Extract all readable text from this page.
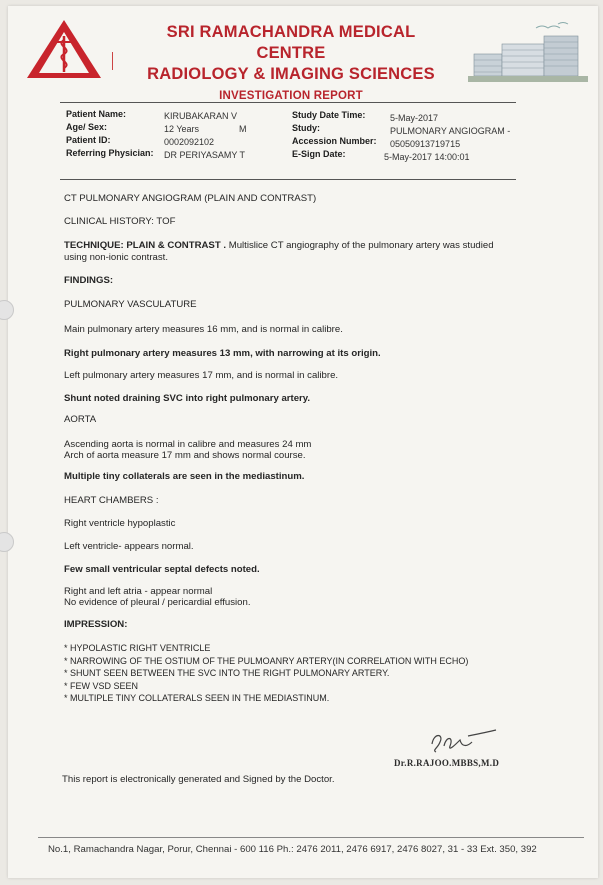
SRI RAMACHANDRA MEDICAL CENTRE
RADIOLOGY & IMAGING SCIENCES
INVESTIGATION REPORT
Patient Name:
Age/ Sex:
Patient ID:
Referring Physician:
KIRUBAKARAN V
12 Years	M
0002092102
DR PERIYASAMY T
Study Date Time:
Study:
Accession Number:
E-Sign Date:
5-May-2017
PULMONARY ANGIOGRAM -
05050913719715
5-May-2017 14:00:01

CT PULMONARY ANGIOGRAM (PLAIN AND CONTRAST)

CLINICAL HISTORY: TOF

TECHNIQUE: PLAIN & CONTRAST . Multislice CT angiography of the pulmonary artery was studied

using non-ionic contrast.

FINDINGS:

PULMONARY VASCULATURE

Main pulmonary artery measures 16 mm, and is normal in calibre.

Right pulmonary artery measures 13 mm, with narrowing at its origin.

Left pulmonary artery measures 17 mm, and is normal in calibre.

Shunt noted draining SVC into right pulmonary artery.

AORTA

Ascending aorta is normal in calibre and measures 24 mm

Arch of aorta measure 17 mm and shows normal course.

Multiple tiny collaterals are seen in the mediastinum.

HEART CHAMBERS :

Right ventricle hypoplastic

Left ventricle- appears normal.

Few small ventricular septal defects noted.

Right and left atria - appear normal

No evidence of pleural / pericardial effusion.

IMPRESSION:

* HYPOLASTIC RIGHT VENTRICLE
* NARROWING OF THE OSTIUM OF THE PULMOANRY ARTERY(IN CORRELATION WITH ECHO)
* SHUNT SEEN BETWEEN THE SVC INTO THE RIGHT PULMONARY ARTERY.
* FEW VSD SEEN
* MULTIPLE TINY COLLATERALS SEEN IN THE MEDIASTINUM.
Dr.R.RAJOO.MBBS,M.D
This report is electronically generated and Signed by the Doctor.
No.1, Ramachandra Nagar, Porur, Chennai - 600 116 Ph.: 2476 2011, 2476 6917, 2476 8027, 31 - 33 Ext. 350, 392
